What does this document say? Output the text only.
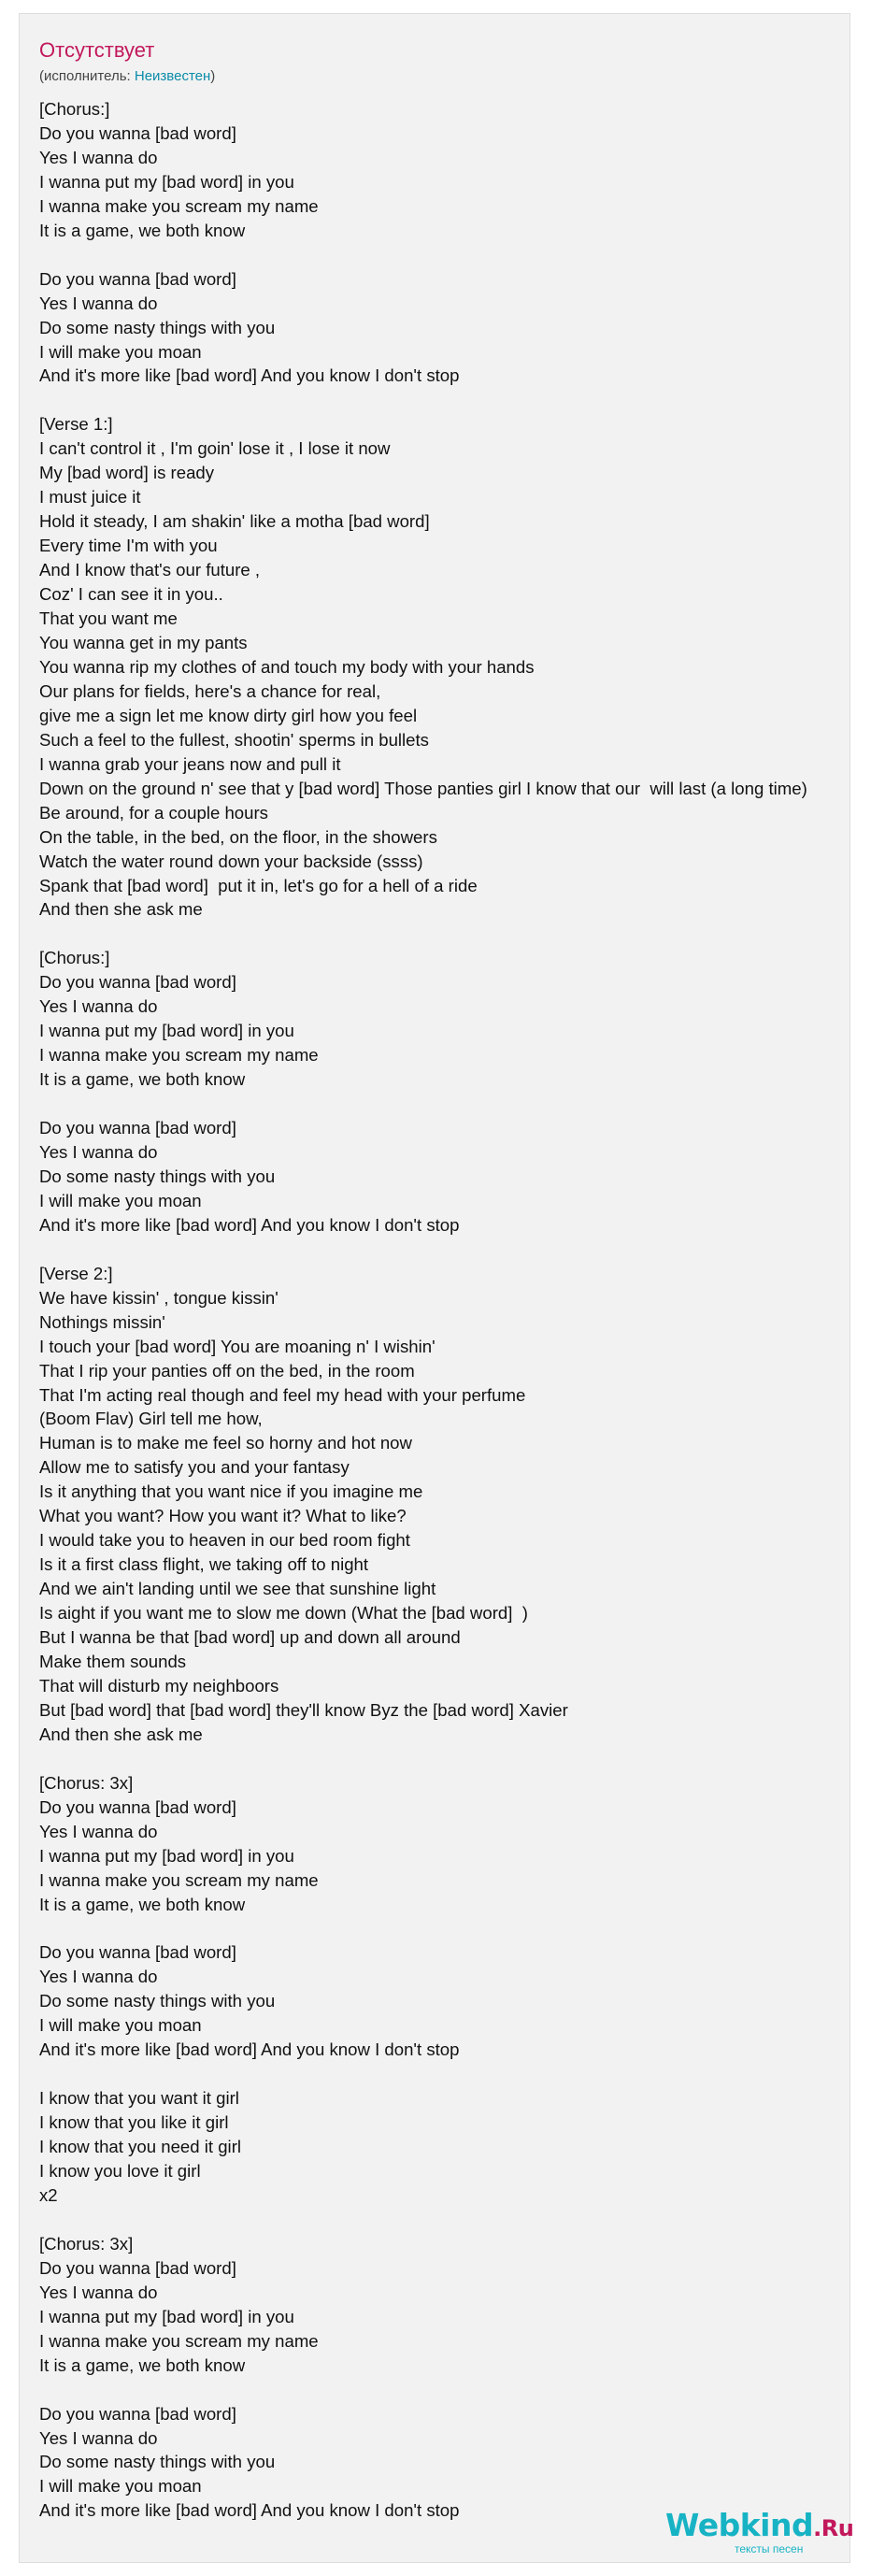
Отсутствует
(исполнитель: Неизвестен)
[Chorus:]
Do you wanna [bad word]
Yes I wanna do
I wanna put my [bad word] in you
I wanna make you scream my name
It is a game, we both know

Do you wanna [bad word]
Yes I wanna do
Do some nasty things with you
I will make you moan
And it's more like [bad word] And you know I don't stop

[Verse 1:]
I can't control it , I'm goin' lose it , I lose it now
My [bad word] is ready
I must juice it
Hold it steady, I am shakin' like a motha [bad word]
Every time I'm with you
And I know that's our future ,
Coz' I can see it in you..
That you want me
You wanna get in my pants
You wanna rip my clothes of and touch my body with your hands
Our plans for fields, here's a chance for real,
give me a sign let me know dirty girl how you feel
Such a feel to the fullest, shootin' sperms in bullets
I wanna grab your jeans now and pull it
Down on the ground n' see that y [bad word] Those panties girl I know that our  will last (a long time)
Be around, for a couple hours
On the table, in the bed, on the floor, in the showers
Watch the water round down your backside (ssss)
Spank that [bad word]  put it in, let's go for a hell of a ride
And then she ask me

[Chorus:]
Do you wanna [bad word]
Yes I wanna do
I wanna put my [bad word] in you
I wanna make you scream my name
It is a game, we both know

Do you wanna [bad word]
Yes I wanna do
Do some nasty things with you
I will make you moan
And it's more like [bad word] And you know I don't stop

[Verse 2:]
We have kissin' , tongue kissin'
Nothings missin'
I touch your [bad word] You are moaning n' I wishin'
That I rip your panties off on the bed, in the room
That I'm acting real though and feel my head with your perfume
(Boom Flav) Girl tell me how,
Human is to make me feel so horny and hot now
Allow me to satisfy you and your fantasy
Is it anything that you want nice if you imagine me
What you want? How you want it? What to like?
I would take you to heaven in our bed room fight
Is it a first class flight, we taking off to night
And we ain't landing until we see that sunshine light
Is aight if you want me to slow me down (What the [bad word]  )
But I wanna be that [bad word] up and down all around
Make them sounds
That will disturb my neighboors
But [bad word] that [bad word] they'll know Byz the [bad word] Xavier
And then she ask me

[Chorus: 3x]
Do you wanna [bad word]
Yes I wanna do
I wanna put my [bad word] in you
I wanna make you scream my name
It is a game, we both know

Do you wanna [bad word]
Yes I wanna do
Do some nasty things with you
I will make you moan
And it's more like [bad word] And you know I don't stop

I know that you want it girl
I know that you like it girl
I know that you need it girl
I know you love it girl
x2

[Chorus: 3x]
Do you wanna [bad word]
Yes I wanna do
I wanna put my [bad word] in you
I wanna make you scream my name
It is a game, we both know

Do you wanna [bad word]
Yes I wanna do
Do some nasty things with you
I will make you moan
And it's more like [bad word] And you know I don't stop	Webkind.Ru
тексты песен
